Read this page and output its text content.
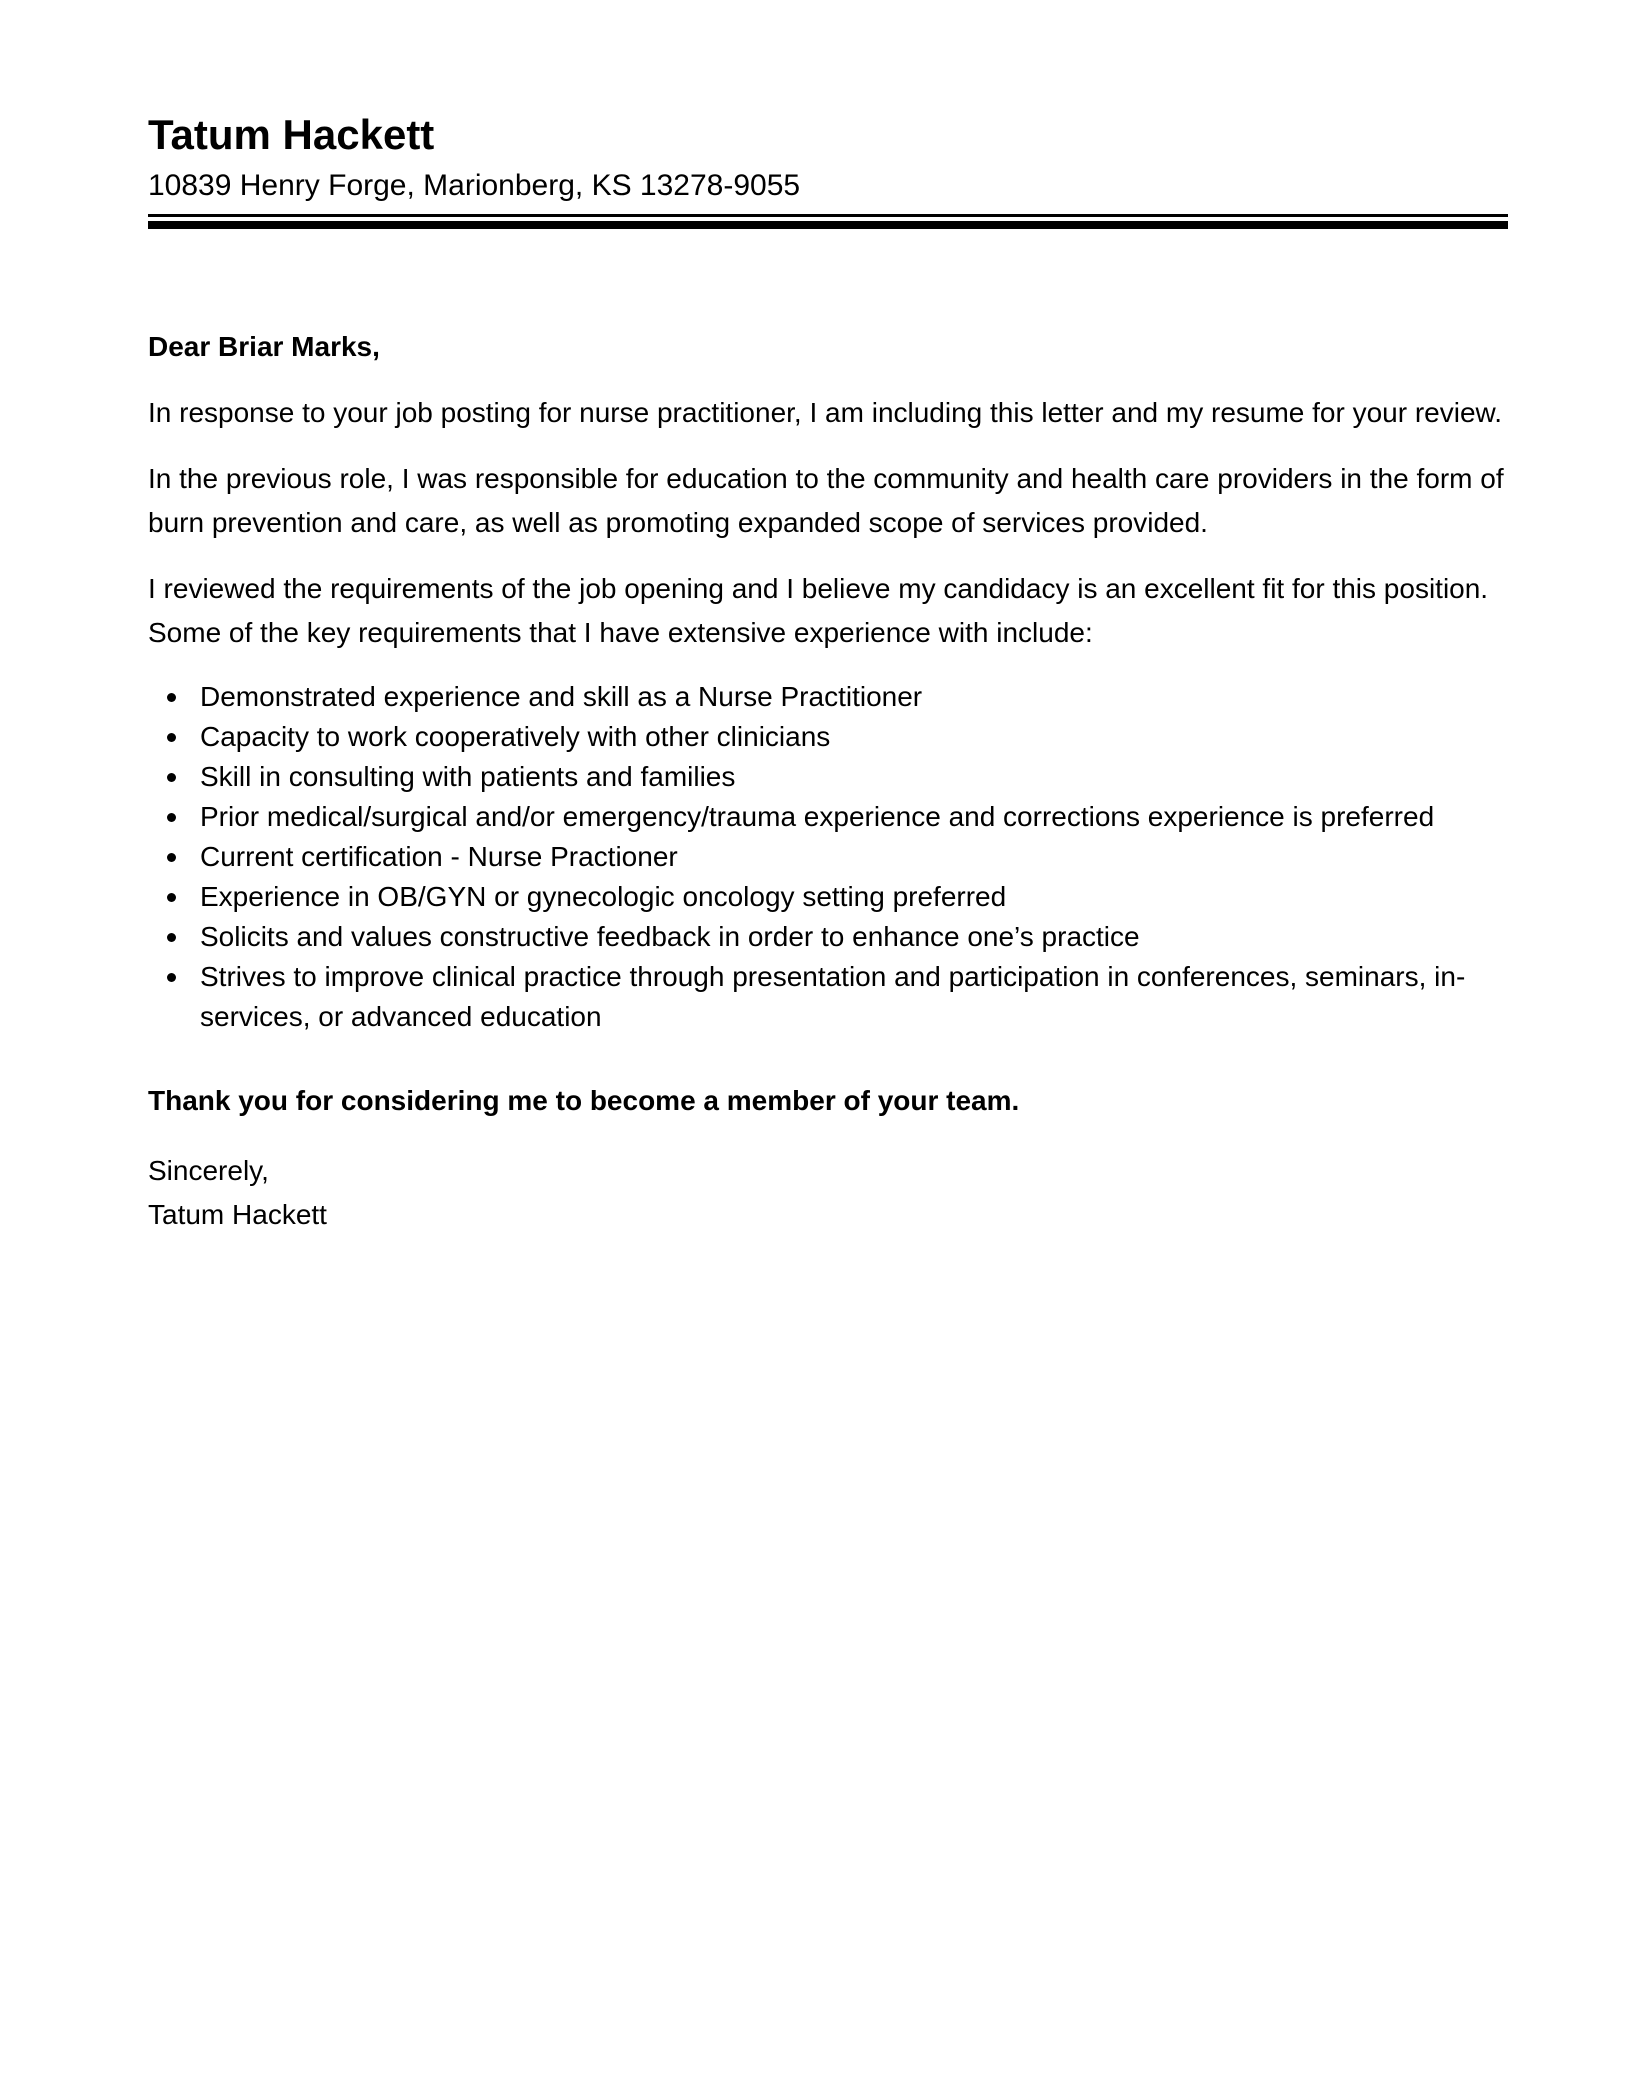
Tatum Hackett
10839 Henry Forge, Marionberg, KS 13278-9055

Dear Briar Marks,

In response to your job posting for nurse practitioner, I am including this letter and my resume for your review.

In the previous role, I was responsible for education to the community and health care providers in the form of burn prevention and care, as well as promoting expanded scope of services provided.

I reviewed the requirements of the job opening and I believe my candidacy is an excellent fit for this position. Some of the key requirements that I have extensive experience with include:

Demonstrated experience and skill as a Nurse Practitioner
Capacity to work cooperatively with other clinicians
Skill in consulting with patients and families
Prior medical/surgical and/or emergency/trauma experience and corrections experience is preferred
Current certification - Nurse Practioner
Experience in OB/GYN or gynecologic oncology setting preferred
Solicits and values constructive feedback in order to enhance one’s practice
Strives to improve clinical practice through presentation and participation in conferences, seminars, in-services, or advanced education

Thank you for considering me to become a member of your team.

Sincerely,

Tatum Hackett
